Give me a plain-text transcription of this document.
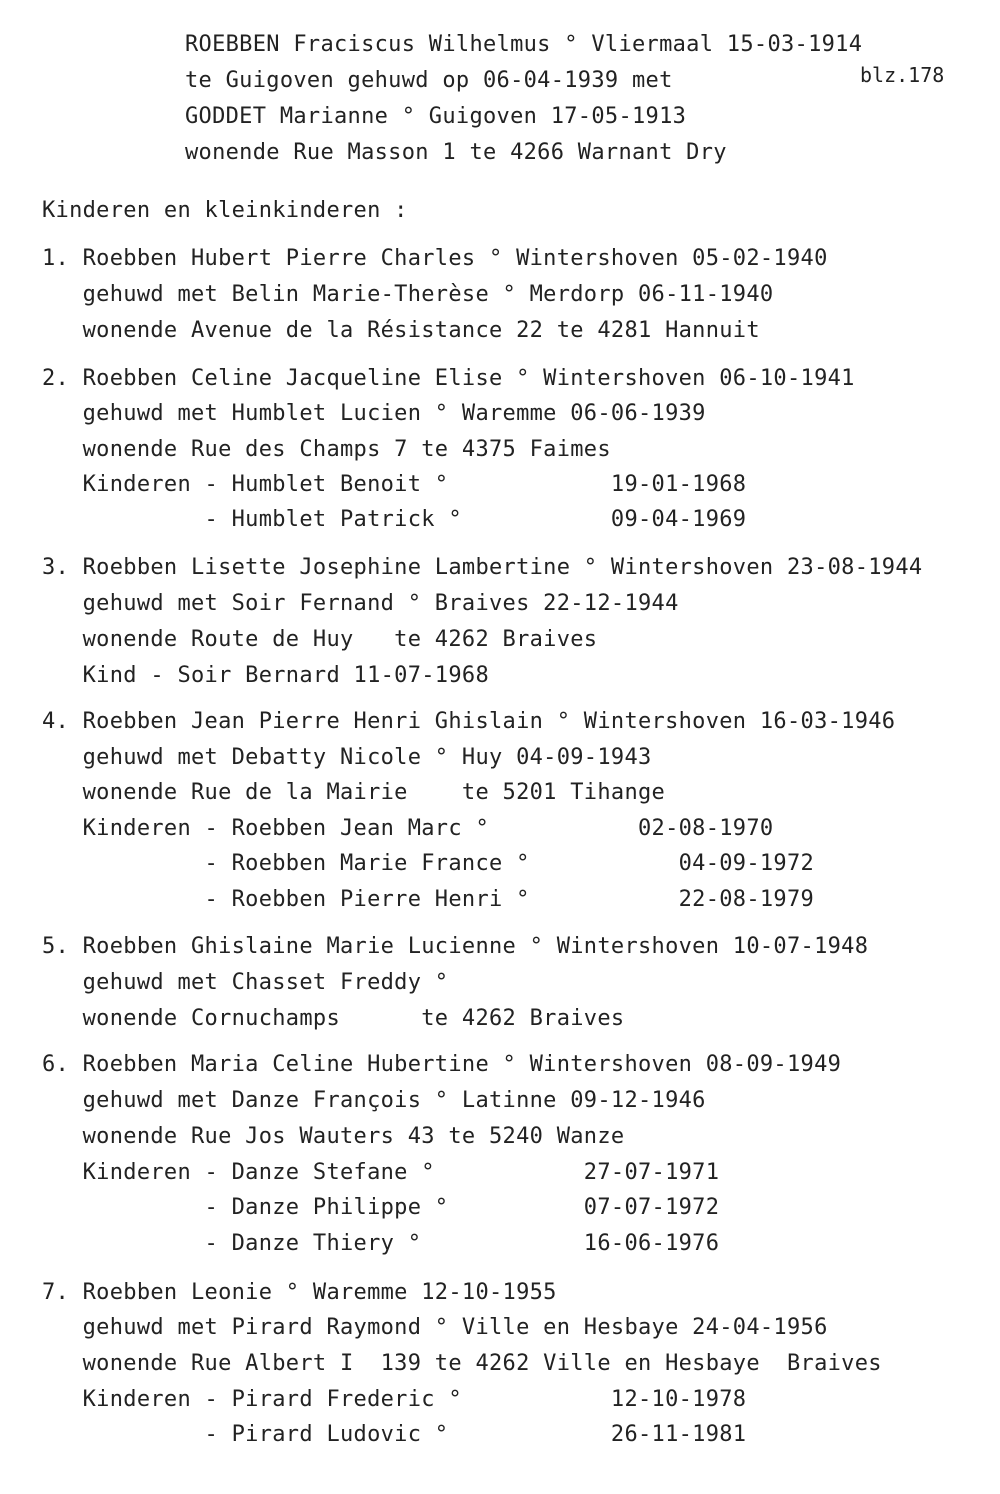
ROEBBEN Fraciscus Wilhelmus ° Vliermaal 15-03-1914
te Guigoven gehuwd op 06-04-1939 met	blz.178
GODDET Marianne ° Guigoven 17-05-1913
wonende Rue Masson 1 te 4266 Warnant Dry
Kinderen en kleinkinderen :
1. Roebben Hubert Pierre Charles ° Wintershoven 05-02-1940
gehuwd met Belin Marie-Therèse ° Merdorp 06-11-1940
wonende Avenue de la Résistance 22 te 4281 Hannuit
2. Roebben Celine Jacqueline Elise ° Wintershoven 06-10-1941
gehuwd met Humblet Lucien ° Waremme 06-06-1939
wonende Rue des Champs 7 te 4375 Faimes
Kinderen - Humblet Benoit °            19-01-1968
- Humblet Patrick °           09-04-1969
3. Roebben Lisette Josephine Lambertine ° Wintershoven 23-08-1944
gehuwd met Soir Fernand ° Braives 22-12-1944
wonende Route de Huy   te 4262 Braives
Kind - Soir Bernard 11-07-1968
4. Roebben Jean Pierre Henri Ghislain ° Wintershoven 16-03-1946
gehuwd met Debatty Nicole ° Huy 04-09-1943
wonende Rue de la Mairie    te 5201 Tihange
Kinderen - Roebben Jean Marc °           02-08-1970
- Roebben Marie France °           04-09-1972
- Roebben Pierre Henri °           22-08-1979
5. Roebben Ghislaine Marie Lucienne ° Wintershoven 10-07-1948
gehuwd met Chasset Freddy °
wonende Cornuchamps      te 4262 Braives
6. Roebben Maria Celine Hubertine ° Wintershoven 08-09-1949
gehuwd met Danze François ° Latinne 09-12-1946
wonende Rue Jos Wauters 43 te 5240 Wanze
Kinderen - Danze Stefane °           27-07-1971
- Danze Philippe °          07-07-1972
- Danze Thiery °            16-06-1976
7. Roebben Leonie ° Waremme 12-10-1955
gehuwd met Pirard Raymond ° Ville en Hesbaye 24-04-1956
wonende Rue Albert I  139 te 4262 Ville en Hesbaye  Braives
Kinderen - Pirard Frederic °           12-10-1978
- Pirard Ludovic °            26-11-1981
